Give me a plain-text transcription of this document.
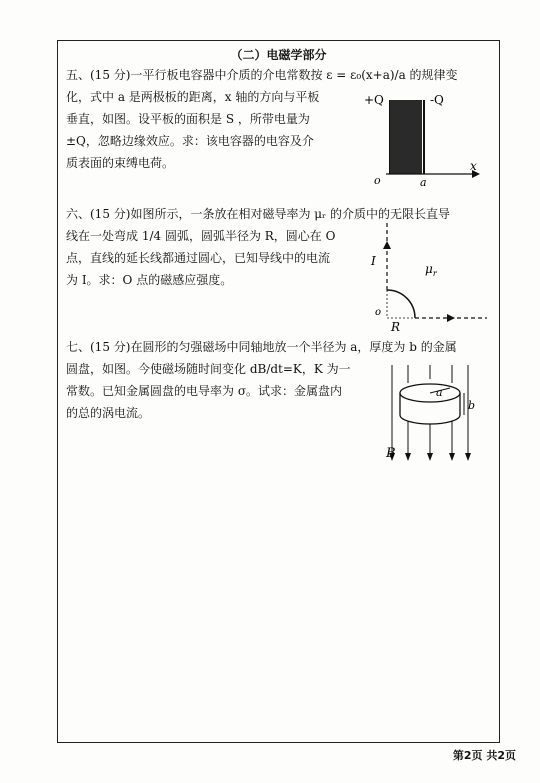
（二）电磁学部分
五、(15 分)一平行板电容器中介质的介电常数按 ε = ε₀(x+a)/a 的规律变
化，式中 a 是两极板的距离，x 轴的方向与平板
垂直，如图。设平板的面积是 S ，所带电量为
±Q，忽略边缘效应。求：该电容器的电容及介
质表面的束缚电荷。
+Q	-Q
o	a
x
六、(15 分)如图所示，一条放在相对磁导率为 μᵣ 的介质中的无限长直导
线在一处弯成 1/4 圆弧，圆弧半径为 R，圆心在 O
点，直线的延长线都通过圆心，已知导线中的电流
为 I。求：O 点的磁感应强度。
I
$\mu_r$
o
R
七、(15 分)在圆形的匀强磁场中同轴地放一个半径为 a，厚度为 b 的金属
圆盘，如图。今使磁场随时间变化 dB/dt=K，K 为一
常数。已知金属圆盘的电导率为 σ。试求：金属盘内
的总的涡电流。
a
b
B
第2页 共2页
